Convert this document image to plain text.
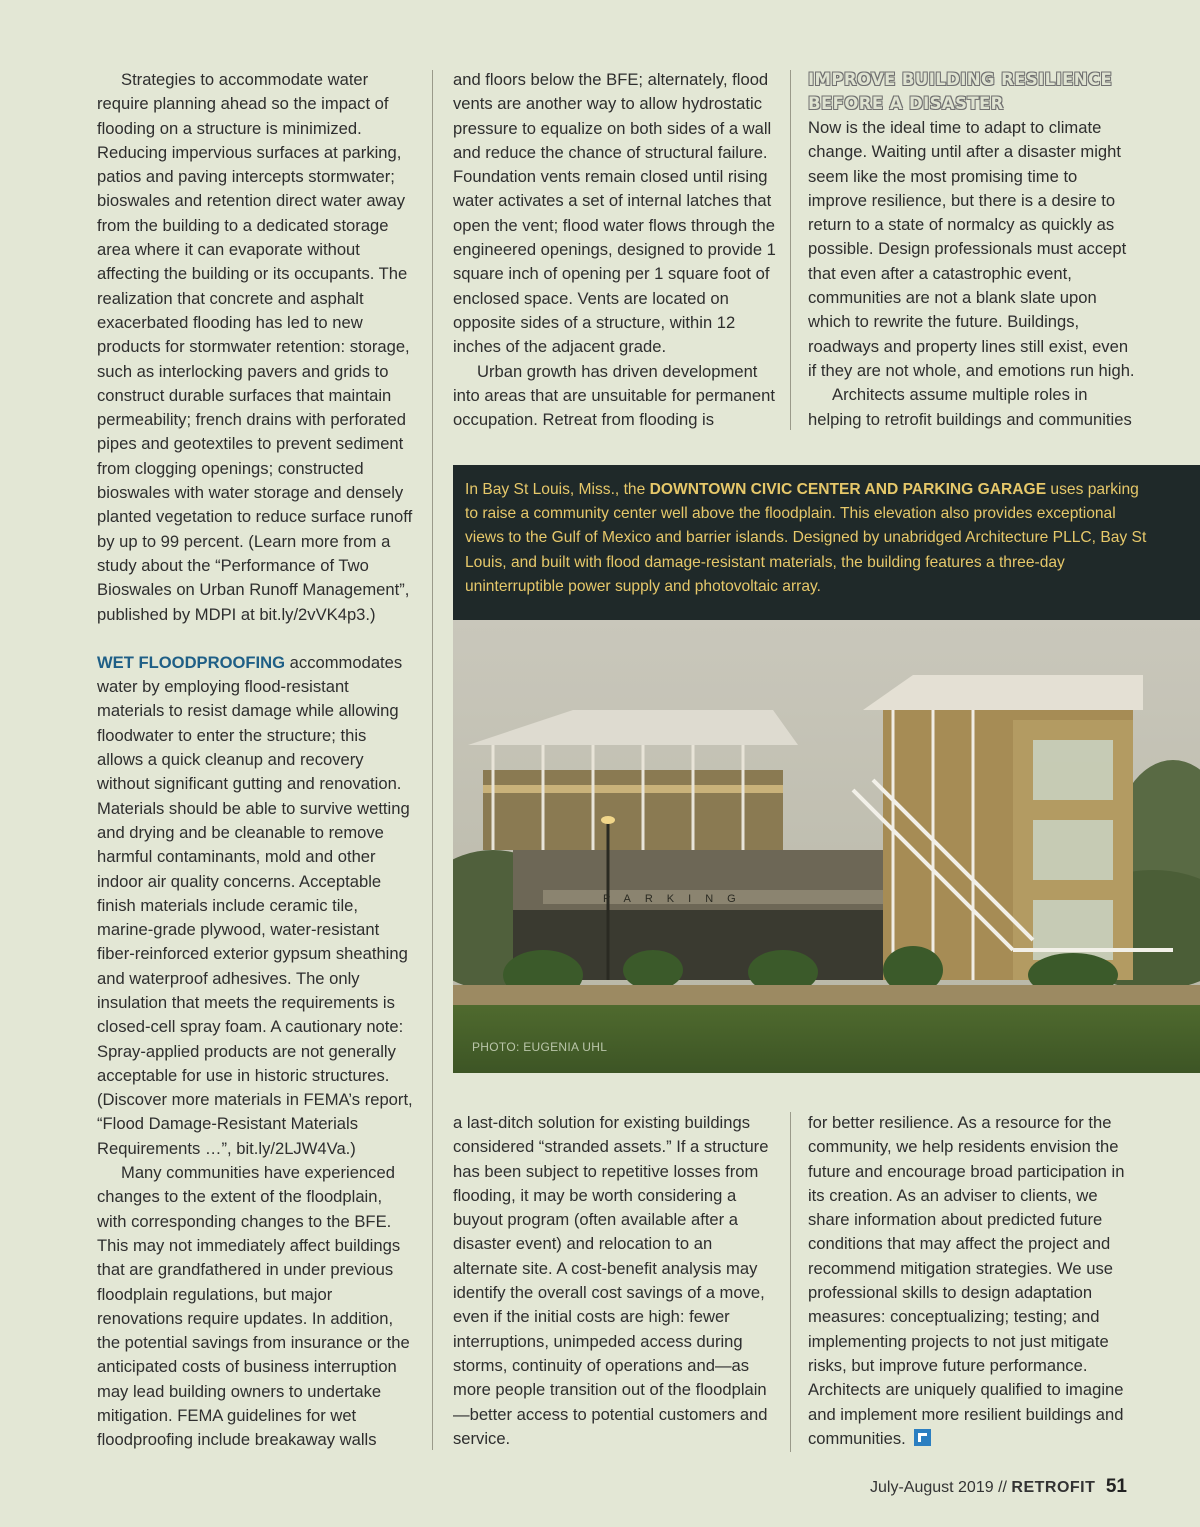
Strategies to accommodate water require planning ahead so the impact of flooding on a structure is minimized. Reducing impervious surfaces at parking, patios and paving intercepts stormwater; bioswales and retention direct water away from the building to a dedicated storage area where it can evaporate without affecting the building or its occupants. The realization that concrete and asphalt exacerbated flooding has led to new products for stormwater retention: storage, such as interlocking pavers and grids to construct durable surfaces that maintain permeability; french drains with perforated pipes and geotextiles to prevent sediment from clogging openings; constructed bioswales with water storage and densely planted vegetation to reduce surface runoff by up to 99 percent. (Learn more from a study about the “Performance of Two Bioswales on Urban Runoff Management”, published by MDPI at bit.ly/2vVK4p3.)

WET FLOODPROOFING accommodates water by employing flood-resistant materials to resist damage while allowing floodwater to enter the structure; this allows a quick cleanup and recovery without significant gutting and renovation. Materials should be able to survive wetting and drying and be cleanable to remove harmful contaminants, mold and other indoor air quality concerns. Acceptable finish materials include ceramic tile, marine-grade plywood, water-resistant fiber-reinforced exterior gypsum sheathing and waterproof adhesives. The only insulation that meets the requirements is closed-cell spray foam. A cautionary note: Spray-applied products are not generally acceptable for use in historic structures. (Discover more materials in FEMA’s report, “Flood Damage-Resistant Materials Requirements …”, bit.ly/2LJW4Va.)

Many communities have experienced changes to the extent of the floodplain, with corresponding changes to the BFE. This may not immediately affect buildings that are grandfathered in under previous floodplain regulations, but major renovations require updates. In addition, the potential savings from insurance or the anticipated costs of business interruption may lead building owners to undertake mitigation. FEMA guidelines for wet floodproofing include breakaway walls

and floors below the BFE; alternately, flood vents are another way to allow hydrostatic pressure to equalize on both sides of a wall and reduce the chance of structural failure. Foundation vents remain closed until rising water activates a set of internal latches that open the vent; flood water flows through the engineered openings, designed to provide 1 square inch of opening per 1 square foot of enclosed space. Vents are located on opposite sides of a structure, within 12 inches of the adjacent grade.

Urban growth has driven development into areas that are unsuitable for permanent occupation. Retreat from flooding is

IMPROVE BUILDING RESILIENCE BEFORE A DISASTER

Now is the ideal time to adapt to climate change. Waiting until after a disaster might seem like the most promising time to improve resilience, but there is a desire to return to a state of normalcy as quickly as possible. Design professionals must accept that even after a catastrophic event, communities are not a blank slate upon which to rewrite the future. Buildings, roadways and property lines still exist, even if they are not whole, and emotions run high.

Architects assume multiple roles in helping to retrofit buildings and communities

In Bay St Louis, Miss., the DOWNTOWN CIVIC CENTER AND PARKING GARAGE uses parking to raise a community center well above the floodplain. This elevation also provides exceptional views to the Gulf of Mexico and barrier islands. Designed by unabridged Architecture PLLC, Bay St Louis, and built with flood damage-resistant materials, the building features a three-day uninterruptible power supply and photovoltaic array.

PARKING
PHOTO: EUGENIA UHL

a last-ditch solution for existing buildings considered “stranded assets.” If a structure has been subject to repetitive losses from flooding, it may be worth considering a buyout program (often available after a disaster event) and relocation to an alternate site. A cost-benefit analysis may identify the overall cost savings of a move, even if the initial costs are high: fewer interruptions, unimpeded access during storms, continuity of operations and—as more people transition out of the floodplain—better access to potential customers and service.

for better resilience. As a resource for the community, we help residents envision the future and encourage broad participation in its creation. As an adviser to clients, we share information about predicted future conditions that may affect the project and recommend mitigation strategies. We use professional skills to design adaptation measures: conceptualizing; testing; and implementing projects to not just mitigate risks, but improve future performance. Architects are uniquely qualified to imagine and implement more resilient buildings and communities.

July-August 2019 // RETROFIT 51
